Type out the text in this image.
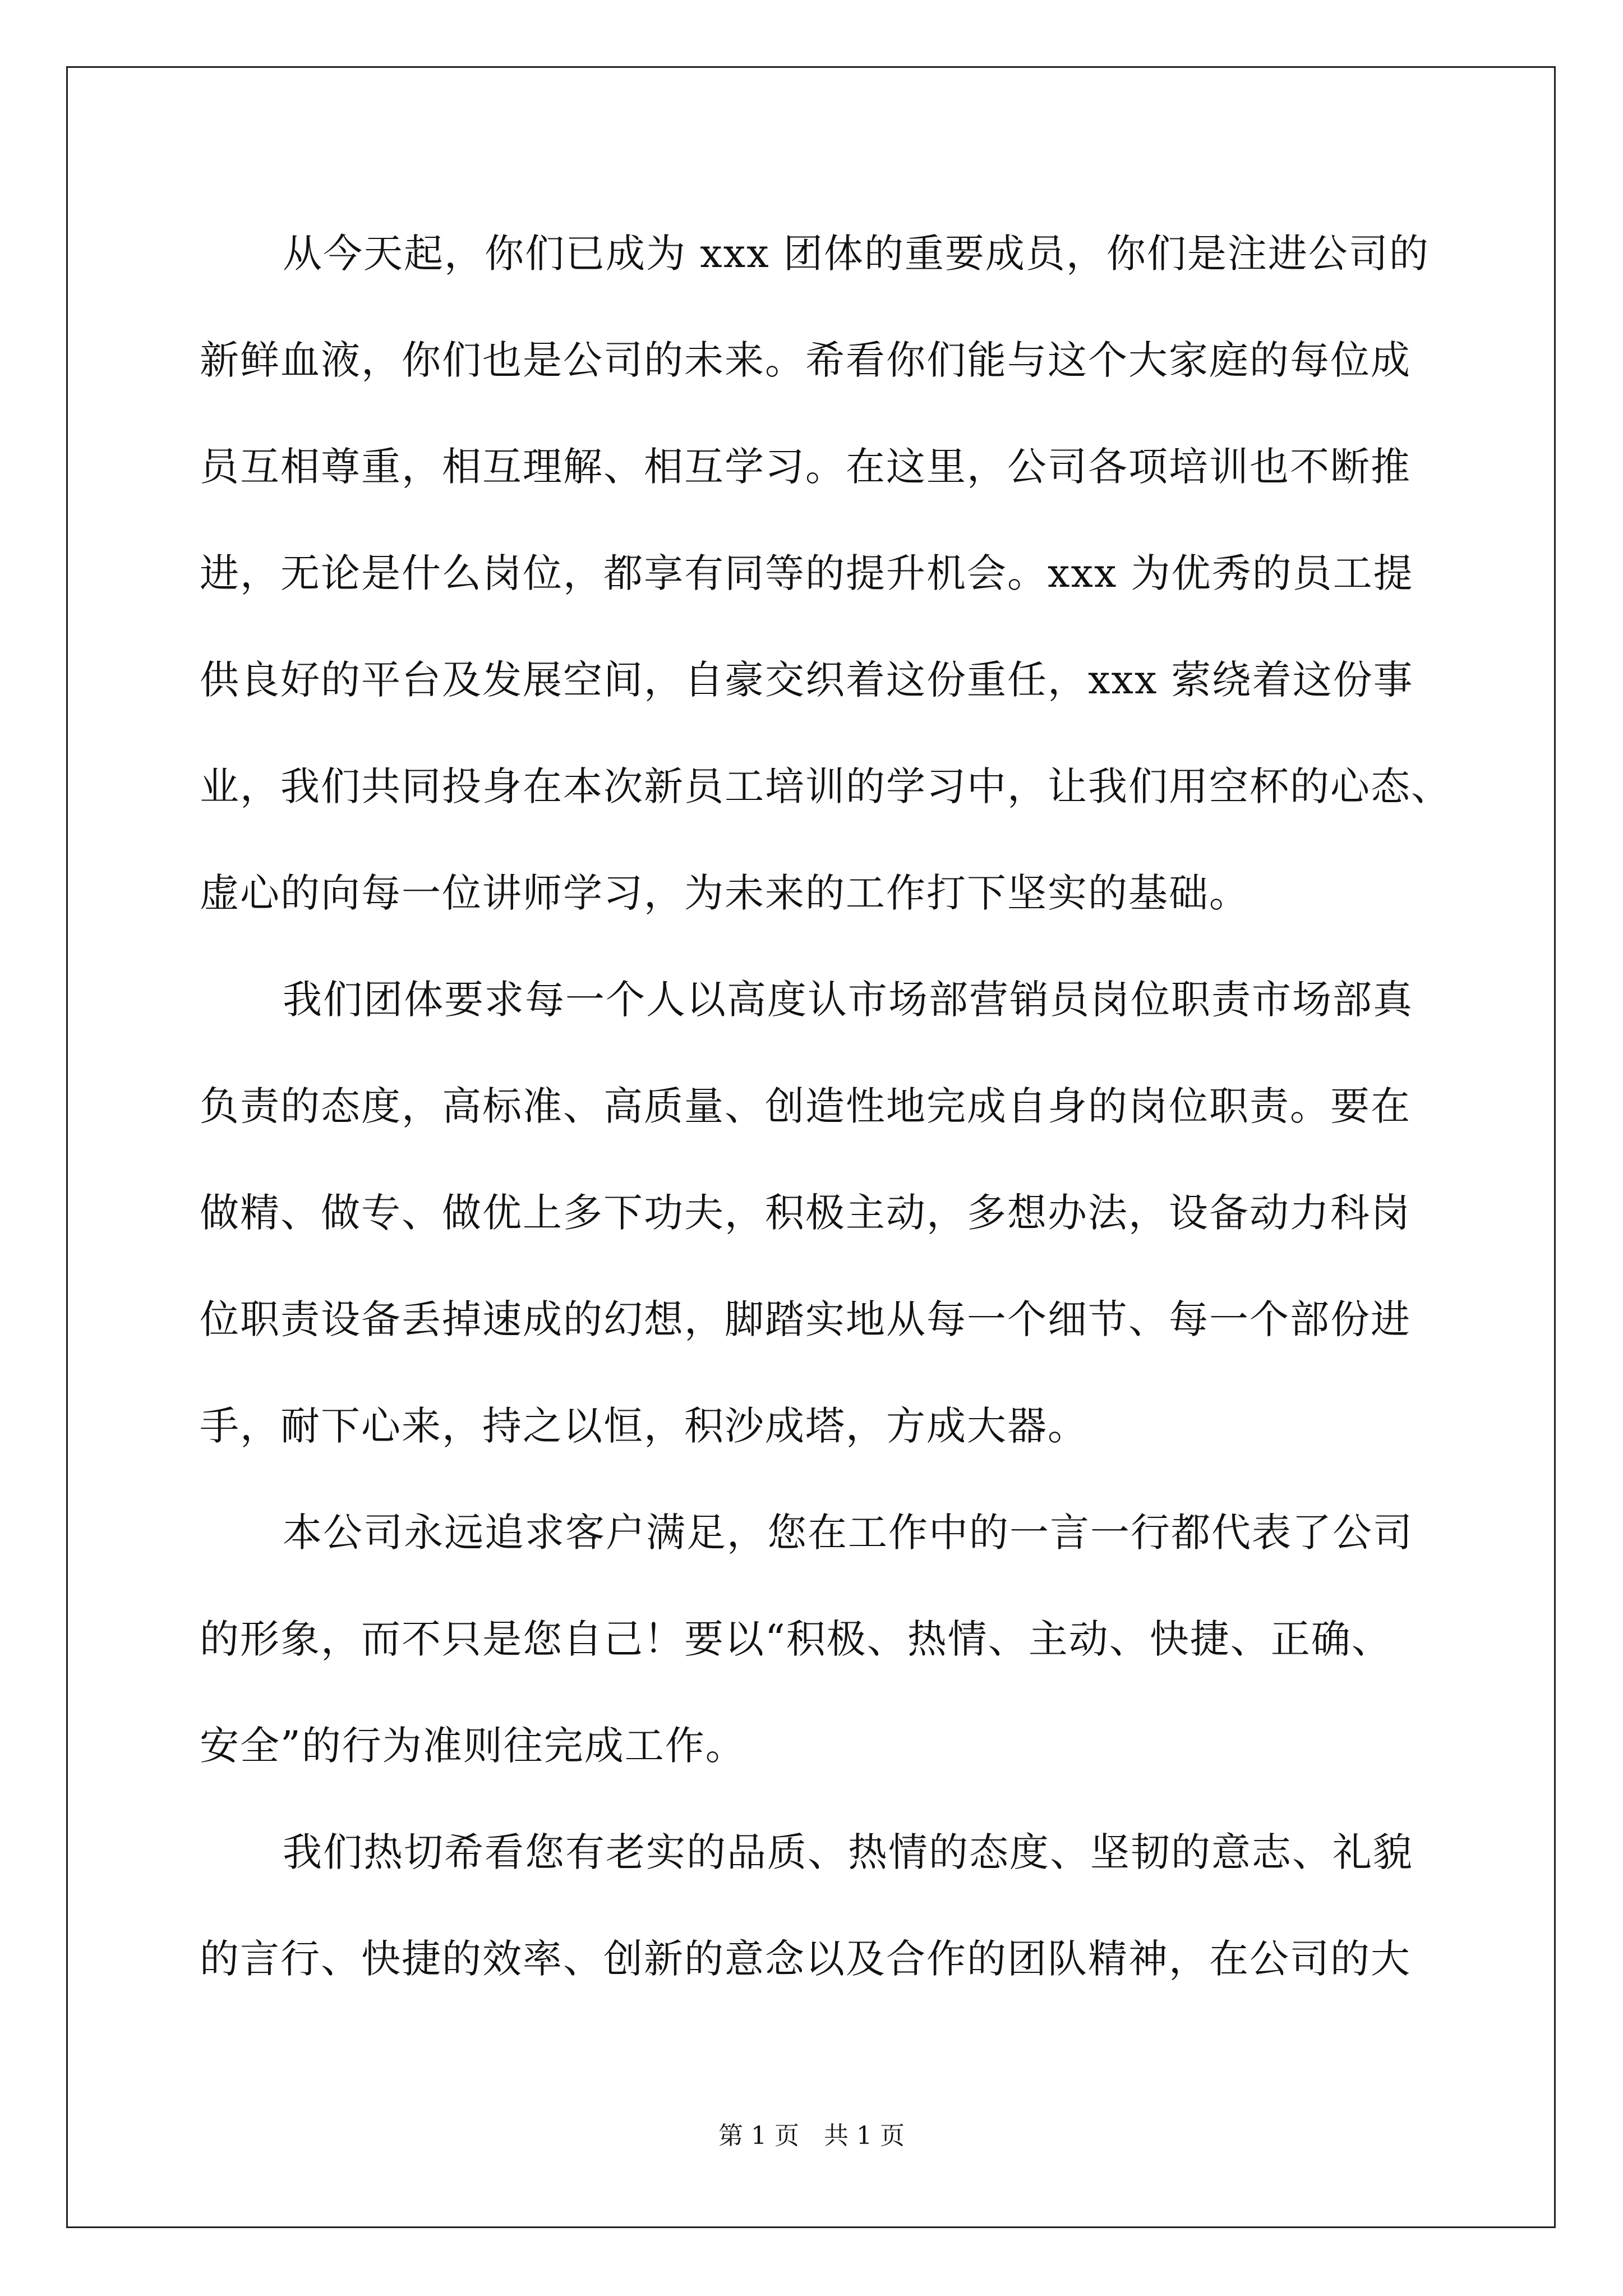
从今天起，你们已成为 xxx 团体的重要成员，你们是注进公司的
新鲜血液，你们也是公司的未来。希看你们能与这个大家庭的每位成
员互相尊重，相互理解、相互学习。在这里，公司各项培训也不断推
进，无论是什么岗位，都享有同等的提升机会。xxx 为优秀的员工提
供良好的平台及发展空间，自豪交织着这份重任，xxx 萦绕着这份事
业，我们共同投身在本次新员工培训的学习中，让我们用空杯的心态、
虚心的向每一位讲师学习，为未来的工作打下坚实的基础。
我们团体要求每一个人以高度认市场部营销员岗位职责市场部真
负责的态度，高标准、高质量、创造性地完成自身的岗位职责。要在
做精、做专、做优上多下功夫，积极主动，多想办法，设备动力科岗
位职责设备丢掉速成的幻想，脚踏实地从每一个细节、每一个部份进
手，耐下心来，持之以恒，积沙成塔，方成大器。
本公司永远追求客户满足，您在工作中的一言一行都代表了公司
的形象，而不只是您自己！要以“积极、热情、主动、快捷、正确、
安全”的行为准则往完成工作。
我们热切希看您有老实的品质、热情的态度、坚韧的意志、礼貌
的言行、快捷的效率、创新的意念以及合作的团队精神，在公司的大
第 1 页　共 1 页
